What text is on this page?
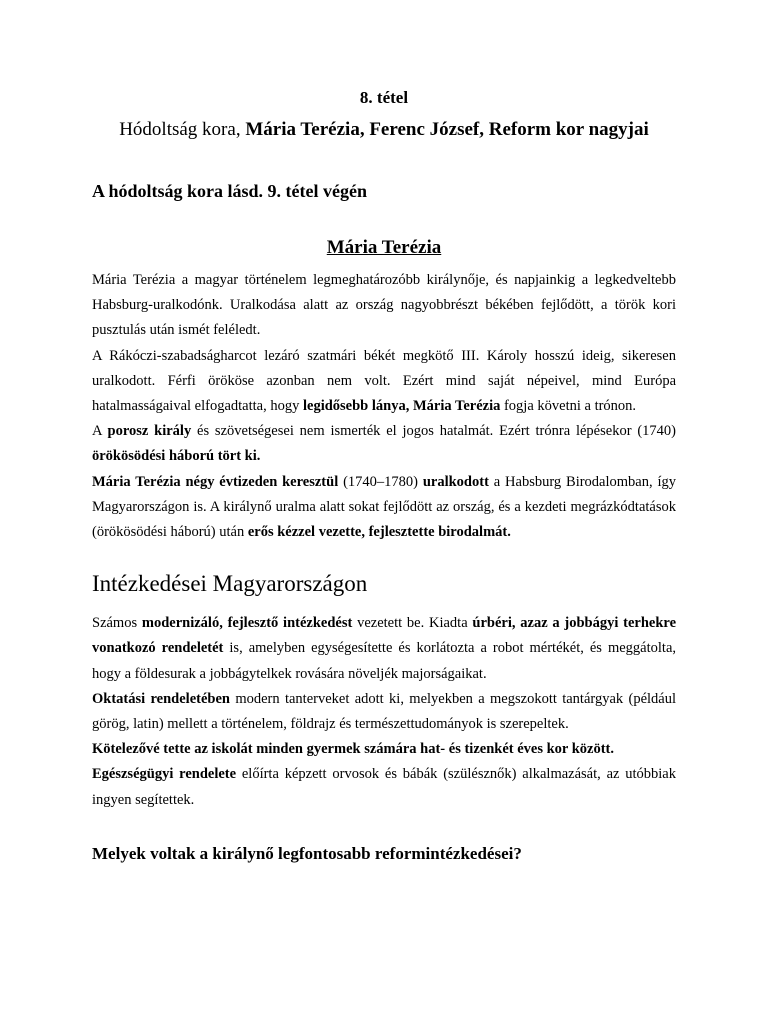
8. tétel

Hódoltság kora, Mária Terézia, Ferenc József, Reform kor nagyjai

A hódoltság kora lásd. 9. tétel végén

Mária Terézia

Mária Terézia a magyar történelem legmeghatározóbb királynője, és napjainkig a legkedveltebb Habsburg-uralkodónk. Uralkodása alatt az ország nagyobbrészt békében fejlődött, a török kori pusztulás után ismét feléledt.

A Rákóczi-szabadságharcot lezáró szatmári békét megkötő III. Károly hosszú ideig, sikeresen uralkodott. Férfi örököse azonban nem volt. Ezért mind saját népeivel, mind Európa hatalmasságaival elfogadtatta, hogy legidősebb lánya, Mária Terézia fogja követni a trónon.

A porosz király és szövetségesei nem ismerték el jogos hatalmát. Ezért trónra lépésekor (1740) örökösödési háború tört ki.

Mária Terézia négy évtizeden keresztül (1740–1780) uralkodott a Habsburg Birodalomban, így Magyarországon is. A királynő uralma alatt sokat fejlődött az ország, és a kezdeti megrázkódtatások (örökösödési háború) után erős kézzel vezette, fejlesztette birodalmát.

Intézkedései Magyarországon

Számos modernizáló, fejlesztő intézkedést vezetett be. Kiadta úrbéri, azaz a jobbágyi terhekre vonatkozó rendeletét is, amelyben egységesítette és korlátozta a robot mértékét, és meggátolta, hogy a földesurak a jobbágytelkek rovására növeljék majorságaikat.

Oktatási rendeletében modern tanterveket adott ki, melyekben a megszokott tantárgyak (például görög, latin) mellett a történelem, földrajz és természettudományok is szerepeltek.

Kötelezővé tette az iskolát minden gyermek számára hat- és tizenkét éves kor között.

Egészségügyi rendelete előírta képzett orvosok és bábák (szülésznők) alkalmazását, az utóbbiak ingyen segítettek.

Melyek voltak a királynő legfontosabb reformintézkedései?
